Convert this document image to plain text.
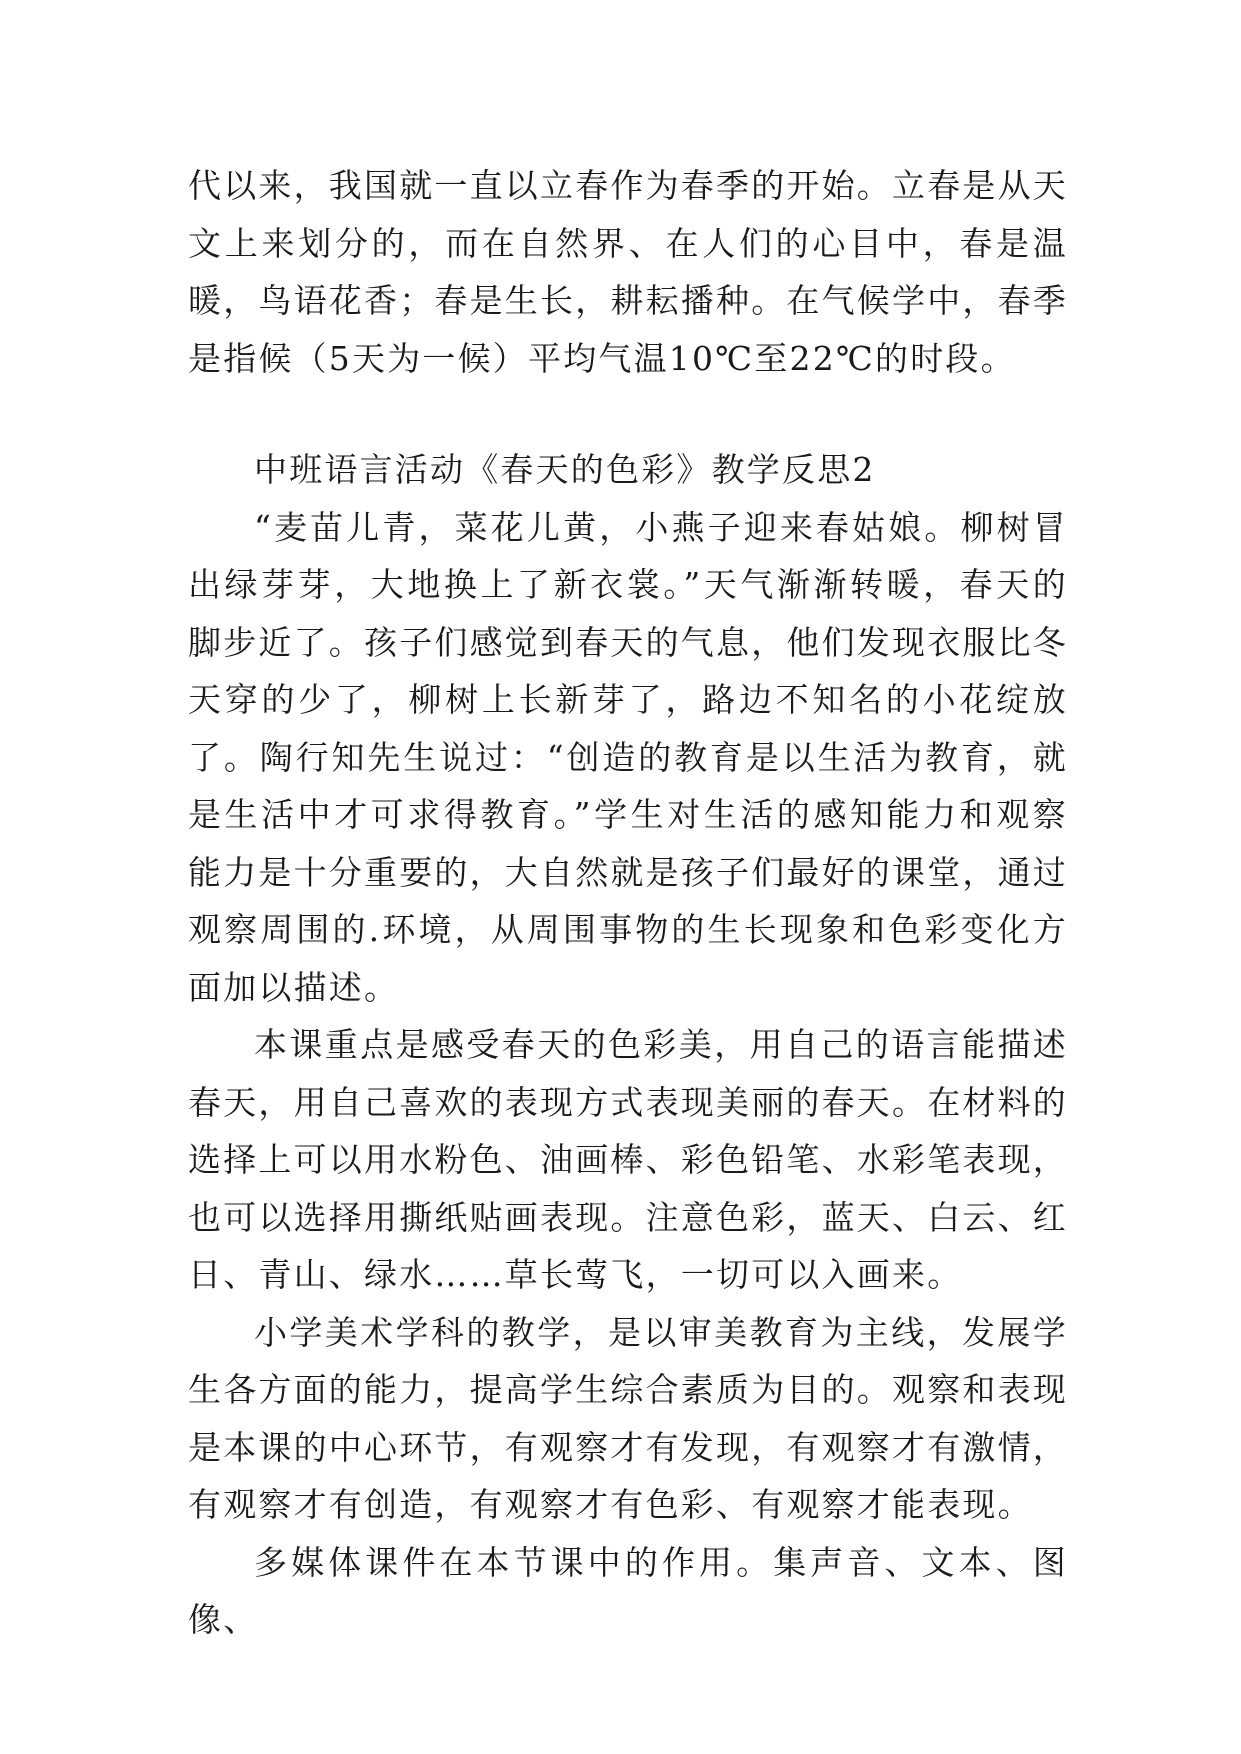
代以来，我国就一直以立春作为春季的开始。立春是从天文上来划分的，而在自然界、在人们的心目中，春是温暖，鸟语花香；春是生长，耕耘播种。在气候学中，春季是指候（5天为一候）平均气温10℃至22℃的时段。

中班语言活动《春天的色彩》教学反思2

“麦苗儿青，菜花儿黄，小燕子迎来春姑娘。柳树冒出绿芽芽，大地换上了新衣裳。”天气渐渐转暖，春天的脚步近了。孩子们感觉到春天的气息，他们发现衣服比冬天穿的少了，柳树上长新芽了，路边不知名的小花绽放了。陶行知先生说过：“创造的教育是以生活为教育，就是生活中才可求得教育。”学生对生活的感知能力和观察能力是十分重要的，大自然就是孩子们最好的课堂，通过观察周围的.环境，从周围事物的生长现象和色彩变化方面加以描述。

本课重点是感受春天的色彩美，用自己的语言能描述春天，用自己喜欢的表现方式表现美丽的春天。在材料的选择上可以用水粉色、油画棒、彩色铅笔、水彩笔表现，也可以选择用撕纸贴画表现。注意色彩，蓝天、白云、红日、青山、绿水……草长莺飞，一切可以入画来。

小学美术学科的教学，是以审美教育为主线，发展学生各方面的能力，提高学生综合素质为目的。观察和表现是本课的中心环节，有观察才有发现，有观察才有激情，有观察才有创造，有观察才有色彩、有观察才能表现。

多媒体课件在本节课中的作用。集声音、文本、图像、
